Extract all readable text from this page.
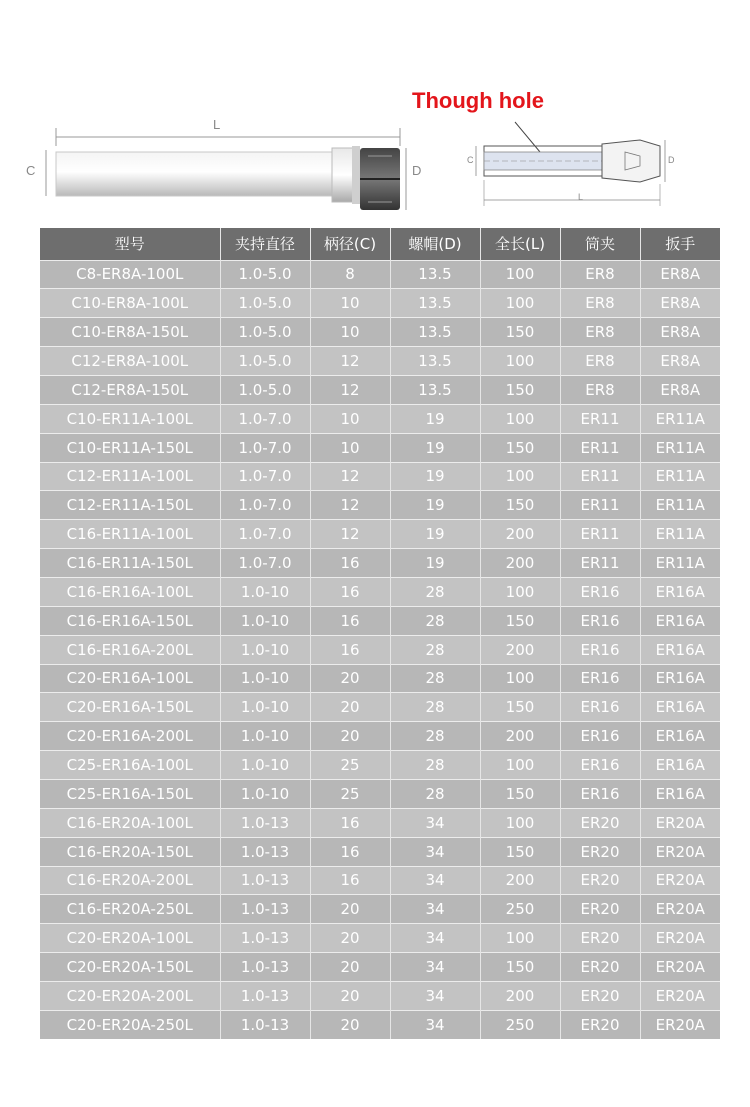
L
C	D
Though hole
C	D
L
型号	夹持直径	柄径(C)	螺帽(D)	全长(L)	筒夹	扳手
C8-ER8A-100L	1.0-5.0	8	13.5	100	ER8	ER8A
C10-ER8A-100L	1.0-5.0	10	13.5	100	ER8	ER8A
C10-ER8A-150L	1.0-5.0	10	13.5	150	ER8	ER8A
C12-ER8A-100L	1.0-5.0	12	13.5	100	ER8	ER8A
C12-ER8A-150L	1.0-5.0	12	13.5	150	ER8	ER8A
C10-ER11A-100L	1.0-7.0	10	19	100	ER11	ER11A
C10-ER11A-150L	1.0-7.0	10	19	150	ER11	ER11A
C12-ER11A-100L	1.0-7.0	12	19	100	ER11	ER11A
C12-ER11A-150L	1.0-7.0	12	19	150	ER11	ER11A
C16-ER11A-100L	1.0-7.0	12	19	200	ER11	ER11A
C16-ER11A-150L	1.0-7.0	16	19	200	ER11	ER11A
C16-ER16A-100L	1.0-10	16	28	100	ER16	ER16A
C16-ER16A-150L	1.0-10	16	28	150	ER16	ER16A
C16-ER16A-200L	1.0-10	16	28	200	ER16	ER16A
C20-ER16A-100L	1.0-10	20	28	100	ER16	ER16A
C20-ER16A-150L	1.0-10	20	28	150	ER16	ER16A
C20-ER16A-200L	1.0-10	20	28	200	ER16	ER16A
C25-ER16A-100L	1.0-10	25	28	100	ER16	ER16A
C25-ER16A-150L	1.0-10	25	28	150	ER16	ER16A
C16-ER20A-100L	1.0-13	16	34	100	ER20	ER20A
C16-ER20A-150L	1.0-13	16	34	150	ER20	ER20A
C16-ER20A-200L	1.0-13	16	34	200	ER20	ER20A
C16-ER20A-250L	1.0-13	20	34	250	ER20	ER20A
C20-ER20A-100L	1.0-13	20	34	100	ER20	ER20A
C20-ER20A-150L	1.0-13	20	34	150	ER20	ER20A
C20-ER20A-200L	1.0-13	20	34	200	ER20	ER20A
C20-ER20A-250L	1.0-13	20	34	250	ER20	ER20A
